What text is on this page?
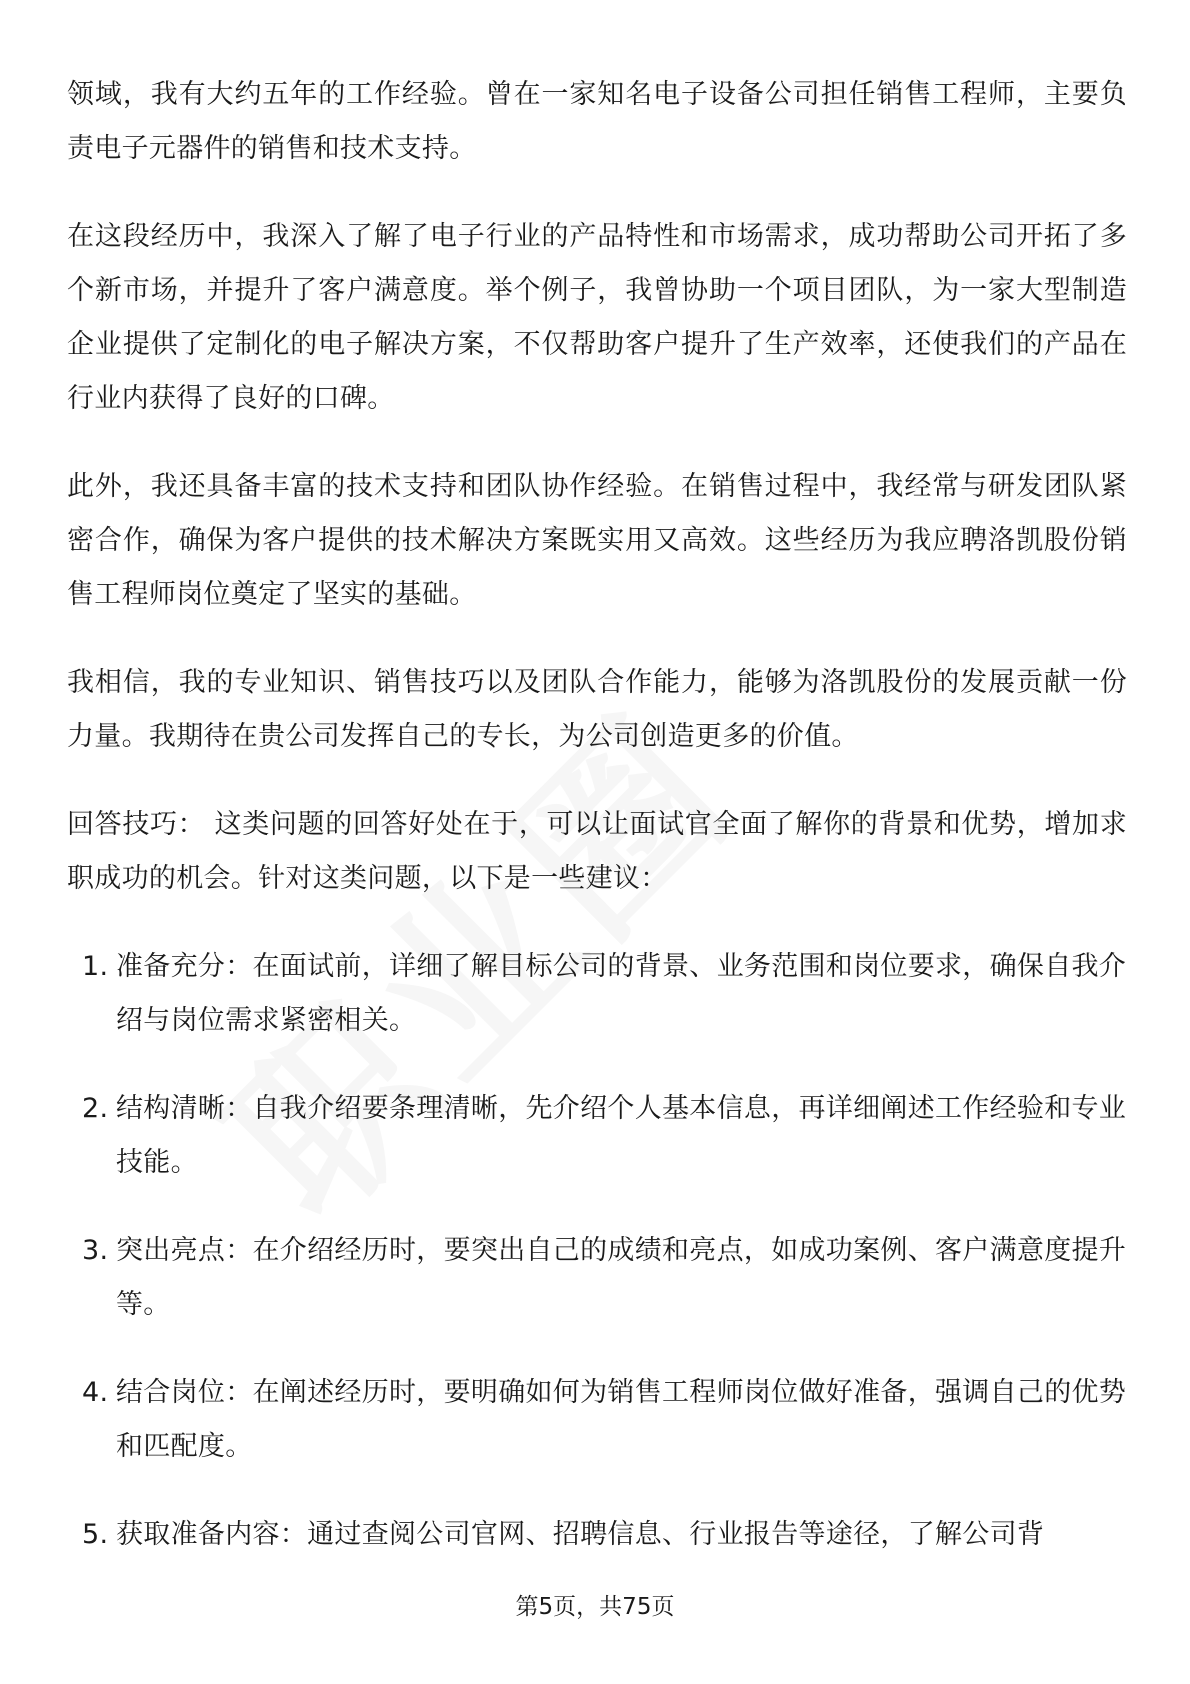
领域，我有大约五年的工作经验。曾在一家知名电子设备公司担任销售工程师，主要负责电子元器件的销售和技术支持。

在这段经历中，我深入了解了电子行业的产品特性和市场需求，成功帮助公司开拓了多个新市场，并提升了客户满意度。举个例子，我曾协助一个项目团队，为一家大型制造企业提供了定制化的电子解决方案，不仅帮助客户提升了生产效率，还使我们的产品在行业内获得了良好的口碑。

此外，我还具备丰富的技术支持和团队协作经验。在销售过程中，我经常与研发团队紧密合作，确保为客户提供的技术解决方案既实用又高效。这些经历为我应聘洛凯股份销售工程师岗位奠定了坚实的基础。

我相信，我的专业知识、销售技巧以及团队合作能力，能够为洛凯股份的发展贡献一份力量。我期待在贵公司发挥自己的专长，为公司创造更多的价值。

回答技巧： 这类问题的回答好处在于，可以让面试官全面了解你的背景和优势，增加求职成功的机会。针对这类问题，以下是一些建议：

1. 准备充分：在面试前，详细了解目标公司的背景、业务范围和岗位要求，确保自我介绍与岗位需求紧密相关。
2. 结构清晰：自我介绍要条理清晰，先介绍个人基本信息，再详细阐述工作经验和专业技能。
3. 突出亮点：在介绍经历时，要突出自己的成绩和亮点，如成功案例、客户满意度提升等。
4. 结合岗位：在阐述经历时，要明确如何为销售工程师岗位做好准备，强调自己的优势和匹配度。
5. 获取准备内容：通过查阅公司官网、招聘信息、行业报告等途径，了解公司背
第5页，共75页
